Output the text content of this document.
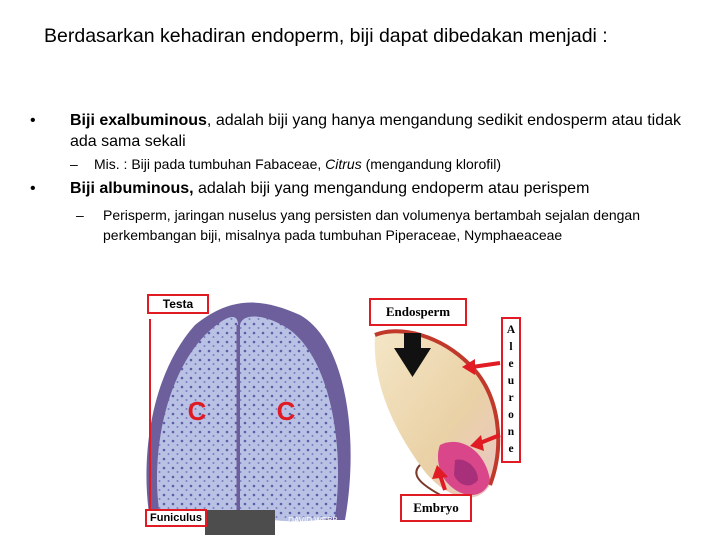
Berdasarkan kehadiran endoperm, biji dapat dibedakan menjadi :
• Biji exalbuminous, adalah biji yang hanya mengandung sedikit endosperm atau tidak ada sama sekali
– Mis. : Biji pada tumbuhan Fabaceae, Citrus (mengandung klorofil)
• Biji albuminous, adalah biji yang mengandung endoperm atau perispem
– Perisperm, jaringan nuselus yang persisten dan volumenya bertambah sejalan dengan perkembangan biji, misalnya pada tumbuhan Piperaceae, Nymphaeaceae
C	C
DAVID WEBB
Testa
Funiculus
Endosperm
Embryo
A
l
e
u
r
o
n
e
